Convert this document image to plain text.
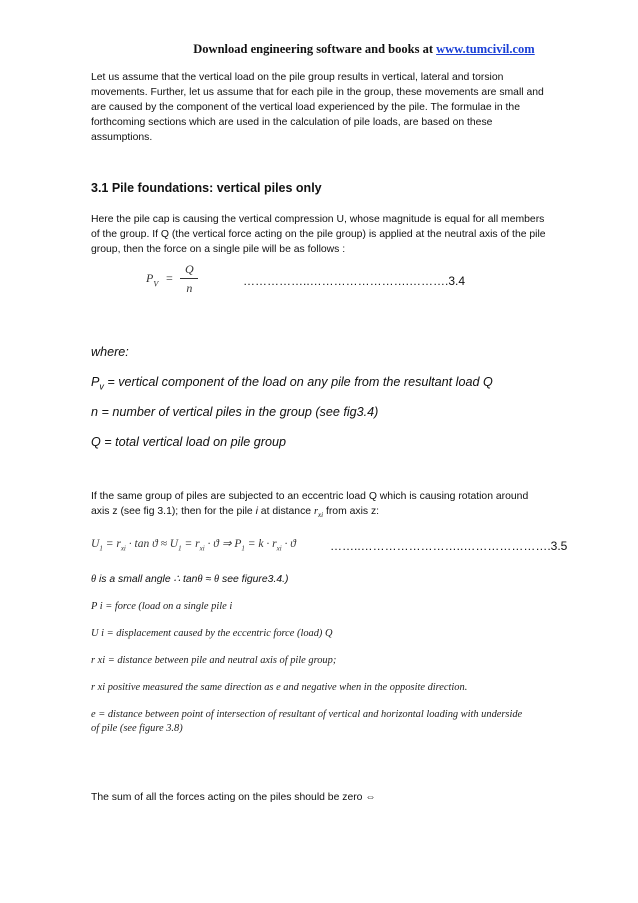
Download engineering software and books at www.tumcivil.com
Let us assume that the vertical load on the pile group results in vertical, lateral and torsion movements. Further, let us assume that for each pile in the group, these movements are small and are caused by the component of the vertical load experienced by the pile. The formulae in the forthcoming sections which are used in the calculation of pile loads, are based on these assumptions.
3.1 Pile foundations: vertical piles only
Here the pile cap is causing the vertical compression U, whose magnitude is equal for all members of the group. If Q (the vertical force acting on the pile group) is applied at the neutral axis of the pile group, then the force on a single pile will be as follows :
$P_V = \frac{Q}{n}$	……………..…………………….……….3.4
where:
$P_v$ = vertical component of the load on any pile from the resultant load Q
n = number of vertical piles in the group (see fig3.4)
Q = total vertical load on pile group
If the same group of piles are subjected to an eccentric load Q which is causing rotation around
axis z (see fig 3.1); then for the pile i at distance $r_{xi}$ from axis z:
$U_1 = r_{xi} \cdot \tan ϑ \approx U_1 = r_{xi} \cdot ϑ$ ⇒ $P_1 = k \cdot r_{xi} \cdot ϑ$	……..……………………..………………….3.5
θ is a small angle ∴ tanθ ≈ θ see figure3.4.)
P i = force (load on a single pile i
U i = displacement caused by the eccentric force (load) Q
r xi = distance between pile and neutral axis of pile group;
r xi positive measured the same direction as e and negative when in the opposite direction.
e = distance between point of intersection of resultant of vertical and horizontal loading with underside
of pile (see figure 3.8)
The sum of all the forces acting on the piles should be zero ⇔
